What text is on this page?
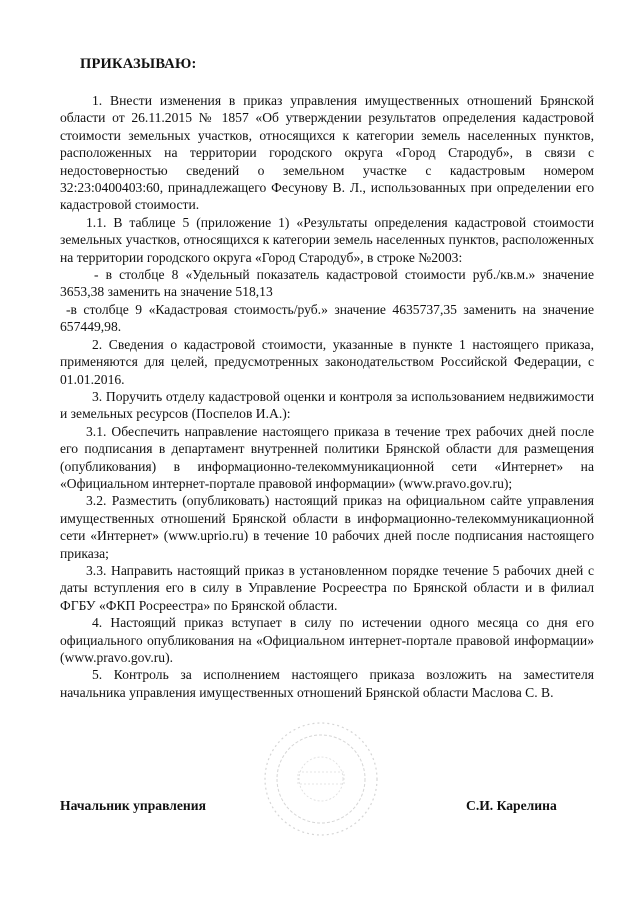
ПРИКАЗЫВАЮ:

1. Внести изменения в приказ управления имущественных отношений Брянской области от 26.11.2015 № 1857 «Об утверждении результатов определения кадастровой стоимости земельных участков, относящихся к категории земель населенных пунктов, расположенных на территории городского округа «Город Стародуб», в связи с недостоверностью сведений о земельном участке с кадастровым номером 32:23:0400403:60, принадлежащего Фесунову В. Л., использованных при определении его кадастровой стоимости.

1.1. В таблице 5 (приложение 1) «Результаты определения кадастровой стоимости земельных участков, относящихся к категории земель населенных пунктов, расположенных на территории городского округа «Город Стародуб», в строке №2003:

- в столбце 8 «Удельный показатель кадастровой стоимости руб./кв.м.» значение 3653,38 заменить на значение 518,13

-в столбце 9 «Кадастровая стоимость/руб.» значение 4635737,35 заменить на значение 657449,98.

2. Сведения о кадастровой стоимости, указанные в пункте 1 настоящего приказа, применяются для целей, предусмотренных законодательством Российской Федерации, с 01.01.2016.

3. Поручить отделу кадастровой оценки и контроля за использованием недвижимости и земельных ресурсов (Поспелов И.А.):

3.1. Обеспечить направление настоящего приказа в течение трех рабочих дней после его подписания в департамент внутренней политики Брянской области для размещения (опубликования) в информационно-телекоммуникационной сети «Интернет» на «Официальном интернет-портале правовой информации» (www.pravo.gov.ru);

3.2. Разместить (опубликовать) настоящий приказ на официальном сайте управления имущественных отношений Брянской области в информационно-телекоммуникационной сети «Интернет» (www.uprio.ru) в течение 10 рабочих дней после подписания настоящего приказа;

3.3. Направить настоящий приказ в установленном порядке течение 5 рабочих дней с даты вступления его в силу в Управление Росреестра по Брянской области и в филиал ФГБУ «ФКП Росреестра» по Брянской области.

4. Настоящий приказ вступает в силу по истечении одного месяца со дня его официального опубликования на «Официальном интернет-портале правовой информации» (www.pravo.gov.ru).

5. Контроль за исполнением настоящего приказа возложить на заместителя начальника управления имущественных отношений Брянской области Маслова С. В.

Начальник управления	С.И. Карелина
